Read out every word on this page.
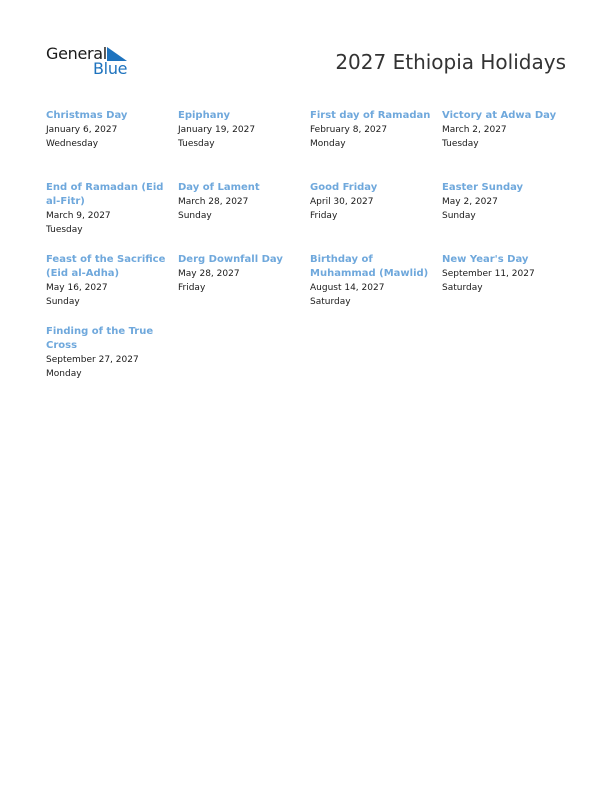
General
Blue	2027 Ethiopia Holidays
Christmas Day
January 6, 2027
Wednesday
Epiphany
January 19, 2027
Tuesday
First day of Ramadan
February 8, 2027
Monday
Victory at Adwa Day
March 2, 2027
Tuesday
End of Ramadan (Eid al-Fitr)
March 9, 2027
Tuesday
Day of Lament
March 28, 2027
Sunday
Good Friday
April 30, 2027
Friday
Easter Sunday
May 2, 2027
Sunday
Feast of the Sacrifice (Eid al-Adha)
May 16, 2027
Sunday
Derg Downfall Day
May 28, 2027
Friday
Birthday of Muhammad (Mawlid)
August 14, 2027
Saturday
New Year's Day
September 11, 2027
Saturday
Finding of the True Cross
September 27, 2027
Monday
